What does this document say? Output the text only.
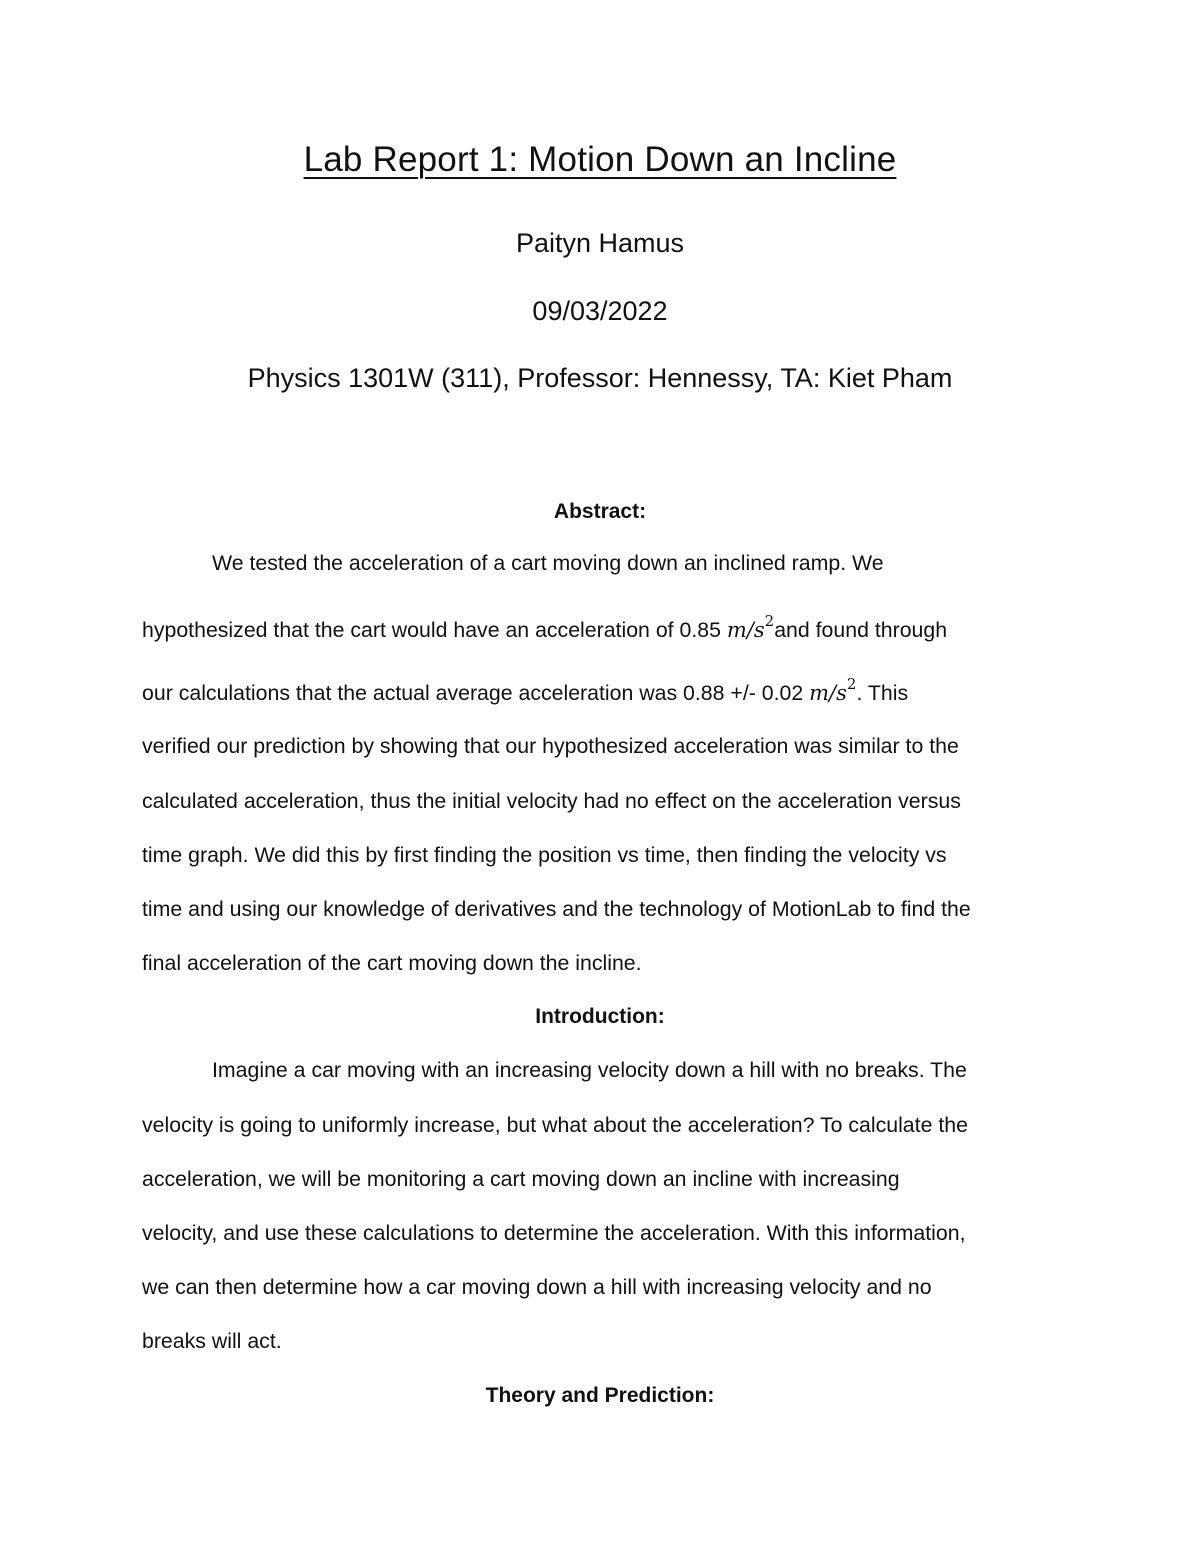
Lab Report 1: Motion Down an Incline
Paityn Hamus
09/03/2022
Physics 1301W (311), Professor: Hennessy, TA: Kiet Pham
Abstract:
We tested the acceleration of a cart moving down an inclined ramp. We
hypothesized that the cart would have an acceleration of 0.85 $m/s^2and$ found through
our calculations that the actual average acceleration was 0.88 +/- 0.02 $m/s^2$. This
verified our prediction by showing that our hypothesized acceleration was similar to the
calculated acceleration, thus the initial velocity had no effect on the acceleration versus
time graph. We did this by first finding the position vs time, then finding the velocity vs
time and using our knowledge of derivatives and the technology of MotionLab to find the
final acceleration of the cart moving down the incline.
Introduction:
Imagine a car moving with an increasing velocity down a hill with no breaks. The
velocity is going to uniformly increase, but what about the acceleration? To calculate the
acceleration, we will be monitoring a cart moving down an incline with increasing
velocity, and use these calculations to determine the acceleration. With this information,
we can then determine how a car moving down a hill with increasing velocity and no
breaks will act.
Theory and Prediction:
